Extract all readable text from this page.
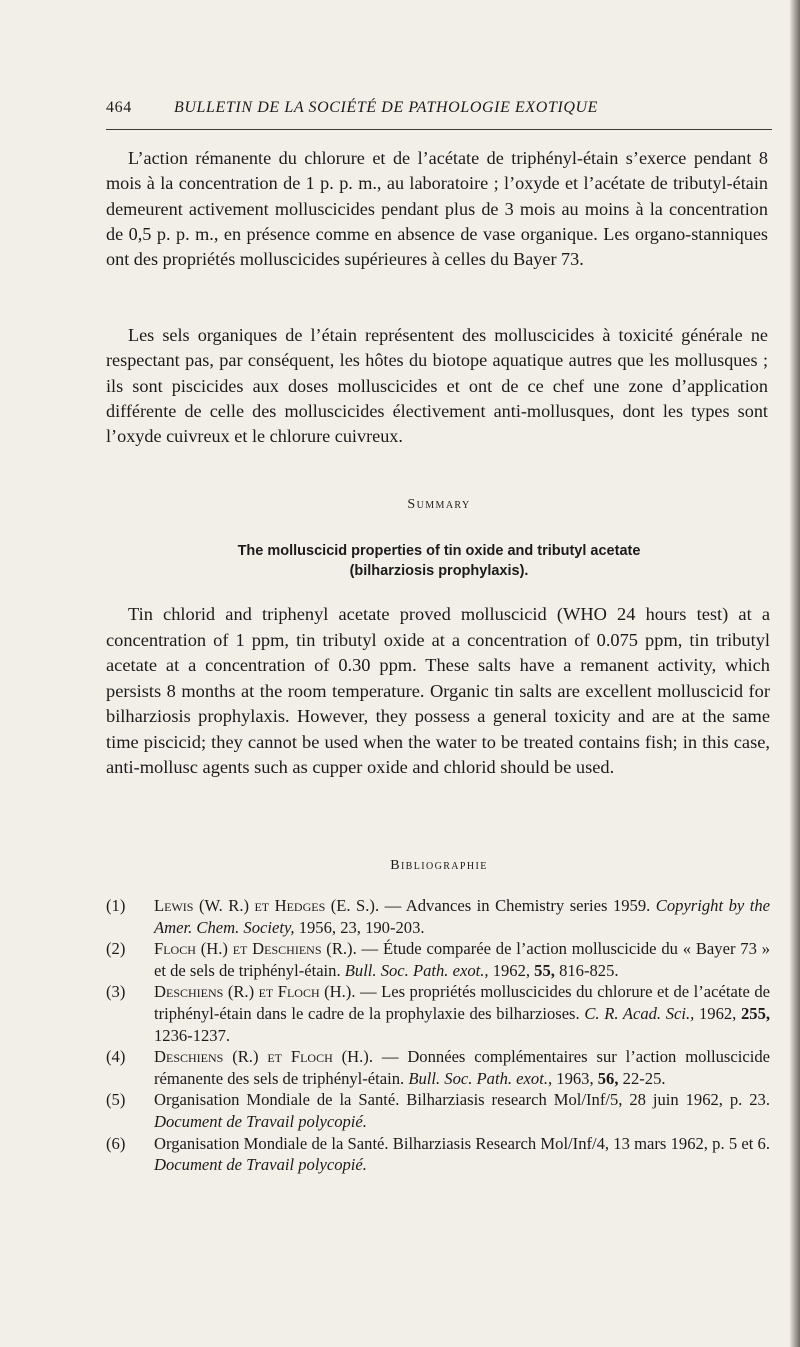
464	BULLETIN DE LA SOCIÉTÉ DE PATHOLOGIE EXOTIQUE

L’action rémanente du chlorure et de l’acétate de triphényl-étain s’exerce pendant 8 mois à la concentration de 1 p. p. m., au laboratoire ; l’oxyde et l’acétate de tributyl-étain demeurent activement molluscicides pendant plus de 3 mois au moins à la concentration de 0,5 p. p. m., en présence comme en absence de vase organique. Les organo-stanniques ont des propriétés molluscicides supérieures à celles du Bayer 73.

Les sels organiques de l’étain représentent des molluscicides à toxicité générale ne respectant pas, par conséquent, les hôtes du biotope aquatique autres que les mollusques ; ils sont piscicides aux doses molluscicides et ont de ce chef une zone d’application différente de celle des molluscicides électivement anti-mollusques, dont les types sont l’oxyde cuivreux et le chlorure cuivreux.

Summary

The molluscicid properties of tin oxide and tributyl acetate
(bilharziosis prophylaxis).

Tin chlorid and triphenyl acetate proved molluscicid (WHO 24 hours test) at a concentration of 1 ppm, tin tributyl oxide at a concentration of 0.075 ppm, tin tributyl acetate at a concentration of 0.30 ppm. These salts have a remanent activity, which persists 8 months at the room temperature. Organic tin salts are excellent molluscicid for bilharziosis prophylaxis. However, they possess a general toxicity and are at the same time piscicid; they cannot be used when the water to be treated contains fish; in this case, anti-mollusc agents such as cupper oxide and chlorid should be used.

Bibliographie
(1) Lewis (W. R.) et Hedges (E. S.). — Advances in Chemistry series 1959. Copyright by the Amer. Chem. Society, 1956, 23, 190-203.
(2) Floch (H.) et Deschiens (R.). — Étude comparée de l’action molluscicide du « Bayer 73 » et de sels de triphényl-étain. Bull. Soc. Path. exot., 1962, 55, 816-825.
(3) Deschiens (R.) et Floch (H.). — Les propriétés molluscicides du chlorure et de l’acétate de triphényl-étain dans le cadre de la prophylaxie des bilharzioses. C. R. Acad. Sci., 1962, 255, 1236-1237.
(4) Deschiens (R.) et Floch (H.). — Données complémentaires sur l’action molluscicide rémanente des sels de triphényl-étain. Bull. Soc. Path. exot., 1963, 56, 22-25.
(5) Organisation Mondiale de la Santé. Bilharziasis research Mol/Inf/5, 28 juin 1962, p. 23. Document de Travail polycopié.
(6) Organisation Mondiale de la Santé. Bilharziasis Research Mol/Inf/4, 13 mars 1962, p. 5 et 6. Document de Travail polycopié.
